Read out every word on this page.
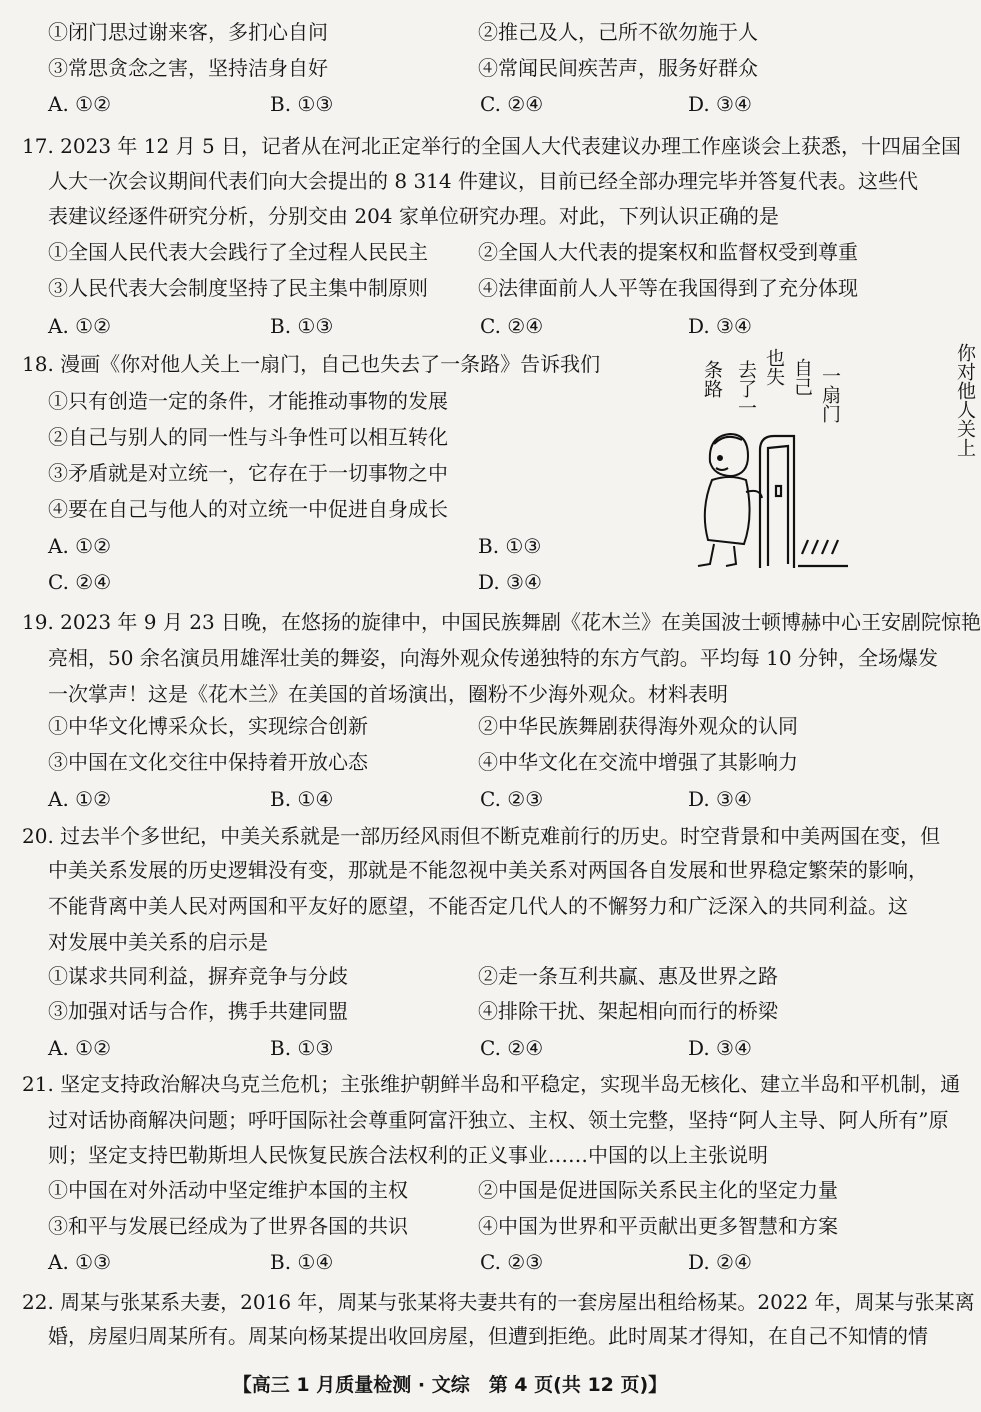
①闭门思过谢来客，多扪心自问	②推己及人，己所不欲勿施于人
③常思贪念之害，坚持洁身自好	④常闻民间疾苦声，服务好群众
A. ①②	B. ①③	C. ②④	D. ③④
17. 2023 年 12 月 5 日，记者从在河北正定举行的全国人大代表建议办理工作座谈会上获悉，十四届全国
人大一次会议期间代表们向大会提出的 8 314 件建议，目前已经全部办理完毕并答复代表。这些代
表建议经逐件研究分析，分别交由 204 家单位研究办理。对此，下列认识正确的是
①全国人民代表大会践行了全过程人民民主	②全国人大代表的提案权和监督权受到尊重
③人民代表大会制度坚持了民主集中制原则	④法律面前人人平等在我国得到了充分体现
A. ①②	B. ①③	C. ②④	D. ③④
18. 漫画《你对他人关上一扇门，自己也失去了一条路》告诉我们
①只有创造一定的条件，才能推动事物的发展
②自己与别人的同一性与斗争性可以相互转化
③矛盾就是对立统一，它存在于一切事物之中
④要在自己与他人的对立统一中促进自身成长
A. ①②	B. ①③
C. ②④	D. ③④
你对他人关上
一扇门
自己
也失
去了一
条路
19. 2023 年 9 月 23 日晚，在悠扬的旋律中，中国民族舞剧《花木兰》在美国波士顿博赫中心王安剧院惊艳
亮相，50 余名演员用雄浑壮美的舞姿，向海外观众传递独特的东方气韵。平均每 10 分钟，全场爆发
一次掌声！这是《花木兰》在美国的首场演出，圈粉不少海外观众。材料表明
①中华文化博采众长，实现综合创新	②中华民族舞剧获得海外观众的认同
③中国在文化交往中保持着开放心态	④中华文化在交流中增强了其影响力
A. ①②	B. ①④	C. ②③	D. ③④
20. 过去半个多世纪，中美关系就是一部历经风雨但不断克难前行的历史。时空背景和中美两国在变，但
中美关系发展的历史逻辑没有变，那就是不能忽视中美关系对两国各自发展和世界稳定繁荣的影响，
不能背离中美人民对两国和平友好的愿望，不能否定几代人的不懈努力和广泛深入的共同利益。这
对发展中美关系的启示是
①谋求共同利益，摒弃竞争与分歧	②走一条互利共赢、惠及世界之路
③加强对话与合作，携手共建同盟	④排除干扰、架起相向而行的桥梁
A. ①②	B. ①③	C. ②④	D. ③④
21. 坚定支持政治解决乌克兰危机；主张维护朝鲜半岛和平稳定，实现半岛无核化、建立半岛和平机制，通
过对话协商解决问题；呼吁国际社会尊重阿富汗独立、主权、领土完整，坚持“阿人主导、阿人所有”原
则；坚定支持巴勒斯坦人民恢复民族合法权利的正义事业……中国的以上主张说明
①中国在对外活动中坚定维护本国的主权	②中国是促进国际关系民主化的坚定力量
③和平与发展已经成为了世界各国的共识	④中国为世界和平贡献出更多智慧和方案
A. ①③	B. ①④	C. ②③	D. ②④
22. 周某与张某系夫妻，2016 年，周某与张某将夫妻共有的一套房屋出租给杨某。2022 年，周某与张某离
婚，房屋归周某所有。周某向杨某提出收回房屋，但遭到拒绝。此时周某才得知，在自己不知情的情
【高三 1 月质量检测 · 文综　第 4 页(共 12 页)】
